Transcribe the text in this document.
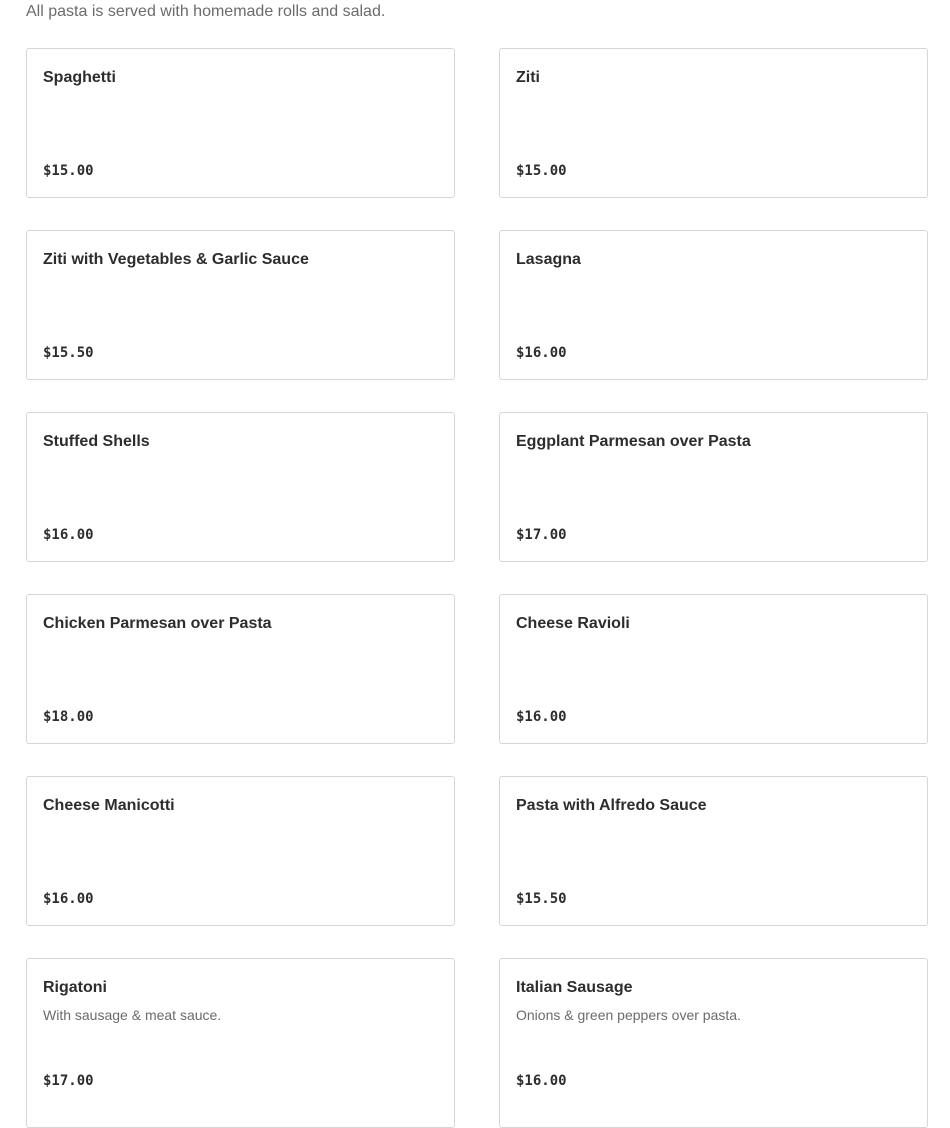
All pasta is served with homemade rolls and salad.

Spaghetti
$15.00
Ziti
$15.00
Ziti with Vegetables & Garlic Sauce
$15.50
Lasagna
$16.00
Stuffed Shells
$16.00
Eggplant Parmesan over Pasta
$17.00
Chicken Parmesan over Pasta
$18.00
Cheese Ravioli
$16.00
Cheese Manicotti
$16.00
Pasta with Alfredo Sauce
$15.50
Rigatoni
With sausage & meat sauce.
$17.00
Italian Sausage
Onions & green peppers over pasta.
$16.00
